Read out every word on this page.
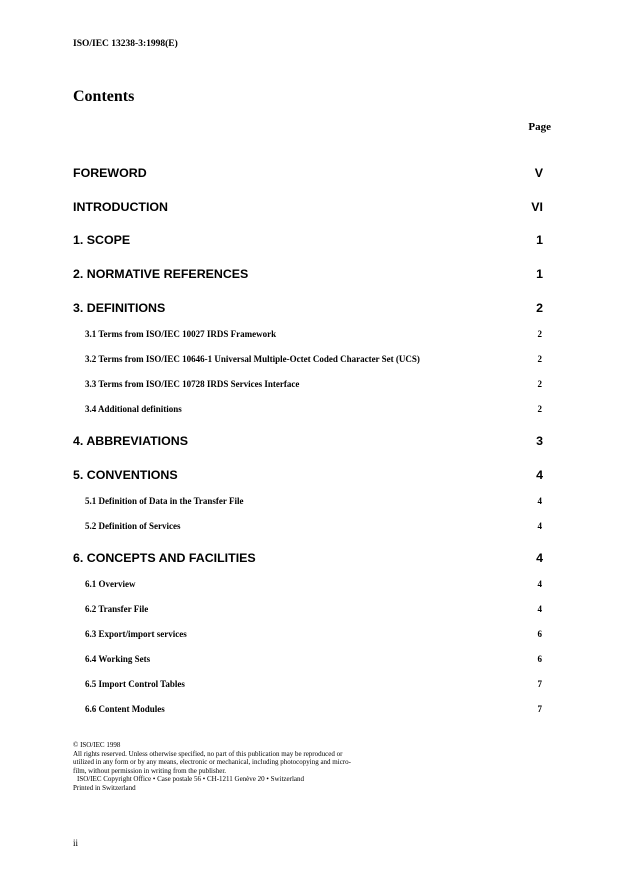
ISO/IEC 13238-3:1998(E)
Contents
Page
FOREWORD	V
INTRODUCTION	VI
1. SCOPE	1
2. NORMATIVE REFERENCES	1
3. DEFINITIONS	2
3.1 Terms from ISO/IEC 10027 IRDS Framework	2
3.2 Terms from ISO/IEC 10646-1 Universal Multiple-Octet Coded Character Set (UCS)	2
3.3 Terms from ISO/IEC 10728 IRDS Services Interface	2
3.4 Additional definitions	2
4. ABBREVIATIONS	3
5. CONVENTIONS	4
5.1 Definition of Data in the Transfer File	4
5.2 Definition of Services	4
6. CONCEPTS AND FACILITIES	4
6.1 Overview	4
6.2 Transfer File	4
6.3 Export/import services	6
6.4 Working Sets	6
6.5 Import Control Tables	7
6.6 Content Modules	7
© ISO/IEC 1998
All rights reserved. Unless otherwise specified, no part of this publication may be reproduced or
utilized in any form or by any means, electronic or mechanical, including photocopying and micro-
film, without permission in writing from the publisher.
ISO/IEC Copyright Office • Case postale 56 • CH-1211 Genève 20 • Switzerland
Printed in Switzerland
ii
